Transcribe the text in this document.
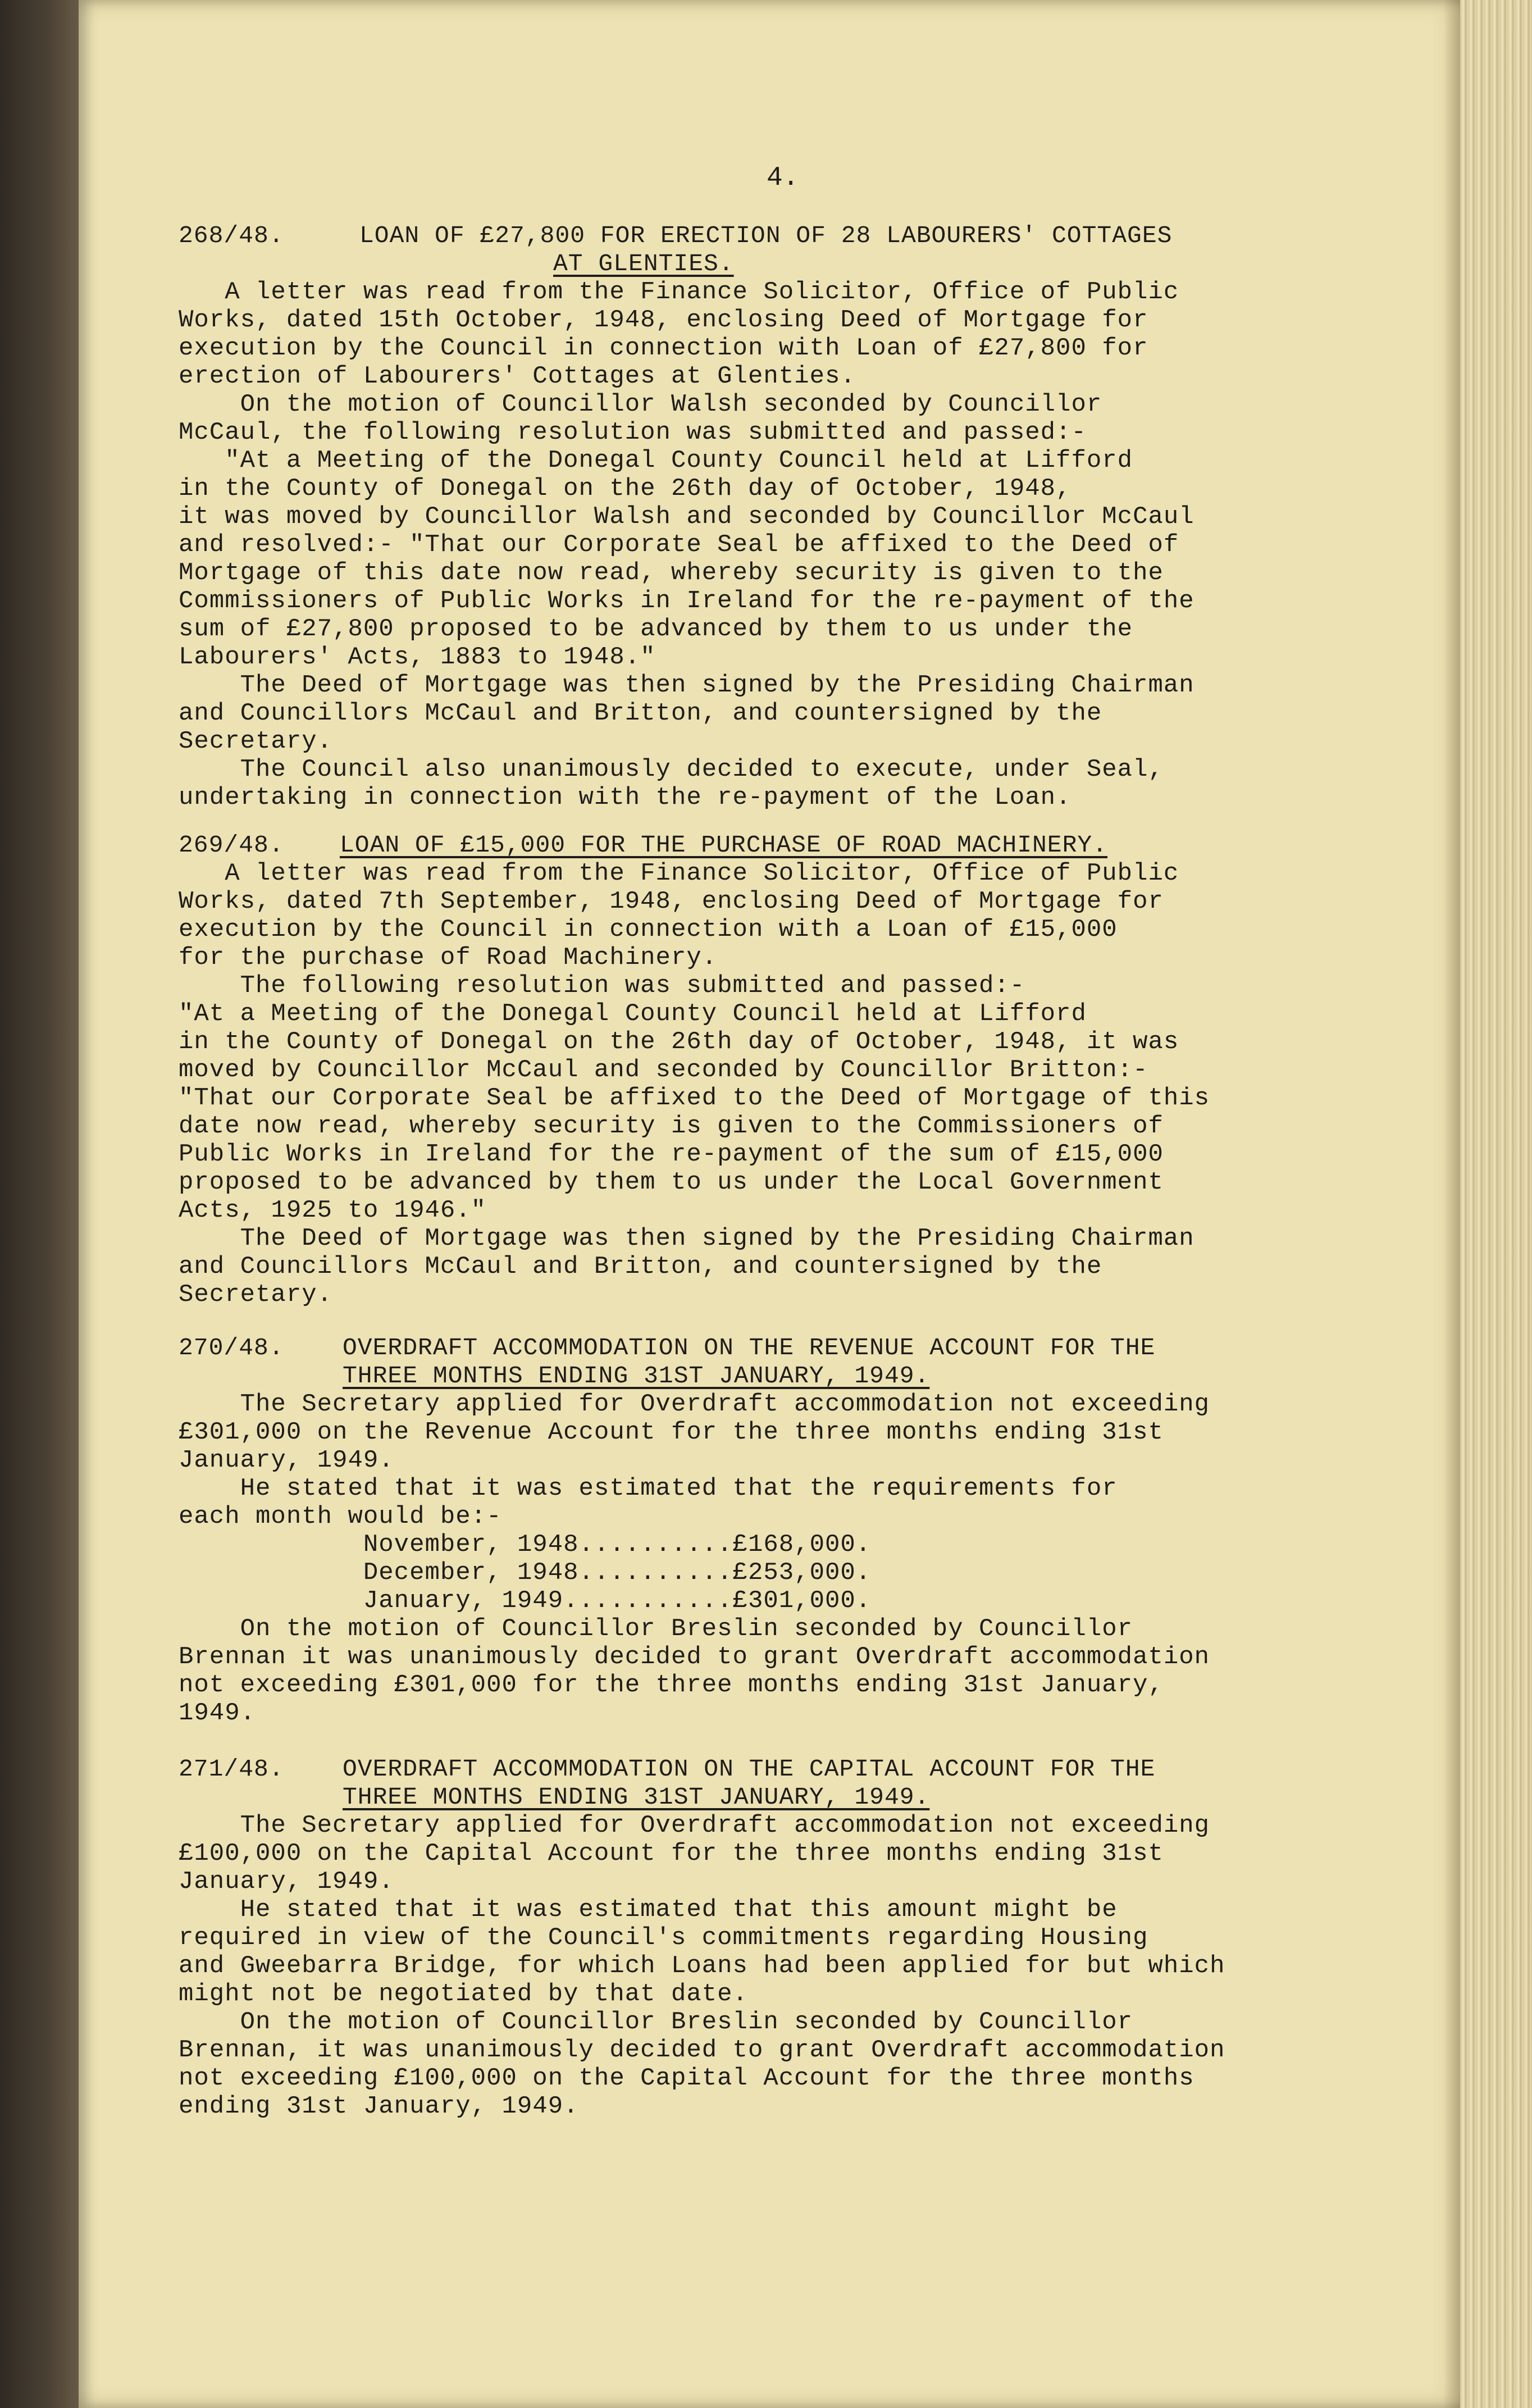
4.
268/48.	LOAN OF £27,800 FOR ERECTION OF 28 LABOURERS' COTTAGES
AT GLENTIES.
A letter was read from the Finance Solicitor, Office of Public
Works, dated 15th October, 1948, enclosing Deed of Mortgage for
execution by the Council in connection with Loan of £27,800 for
erection of Labourers' Cottages at Glenties.
On the motion of Councillor Walsh seconded by Councillor
McCaul, the following resolution was submitted and passed:-
"At a Meeting of the Donegal County Council held at Lifford
in the County of Donegal on the 26th day of October, 1948,
it was moved by Councillor Walsh and seconded by Councillor McCaul
and resolved:- "That our Corporate Seal be affixed to the Deed of
Mortgage of this date now read, whereby security is given to the
Commissioners of Public Works in Ireland for the re-payment of the
sum of £27,800 proposed to be advanced by them to us under the
Labourers' Acts, 1883 to 1948."
The Deed of Mortgage was then signed by the Presiding Chairman
and Councillors McCaul and Britton, and countersigned by the
Secretary.
The Council also unanimously decided to execute, under Seal,
undertaking in connection with the re-payment of the Loan.
269/48. LOAN OF £15,000 FOR THE PURCHASE OF ROAD MACHINERY.
A letter was read from the Finance Solicitor, Office of Public
Works, dated 7th September, 1948, enclosing Deed of Mortgage for
execution by the Council in connection with a Loan of £15,000
for the purchase of Road Machinery.
The following resolution was submitted and passed:-
"At a Meeting of the Donegal County Council held at Lifford
in the County of Donegal on the 26th day of October, 1948, it was
moved by Councillor McCaul and seconded by Councillor Britton:-
"That our Corporate Seal be affixed to the Deed of Mortgage of this
date now read, whereby security is given to the Commissioners of
Public Works in Ireland for the re-payment of the sum of £15,000
proposed to be advanced by them to us under the Local Government
Acts, 1925 to 1946."
The Deed of Mortgage was then signed by the Presiding Chairman
and Councillors McCaul and Britton, and countersigned by the
Secretary.
270/48. OVERDRAFT ACCOMMODATION ON THE REVENUE ACCOUNT FOR THE
THREE MONTHS ENDING 31ST JANUARY, 1949.
The Secretary applied for Overdraft accommodation not exceeding
£301,000 on the Revenue Account for the three months ending 31st
January, 1949.
He stated that it was estimated that the requirements for
each month would be:-
November, 1948..........£168,000.
December, 1948..........£253,000.
January, 1949...........£301,000.
On the motion of Councillor Breslin seconded by Councillor
Brennan it was unanimously decided to grant Overdraft accommodation
not exceeding £301,000 for the three months ending 31st January,
1949.
271/48. OVERDRAFT ACCOMMODATION ON THE CAPITAL ACCOUNT FOR THE
THREE MONTHS ENDING 31ST JANUARY, 1949.
The Secretary applied for Overdraft accommodation not exceeding
£100,000 on the Capital Account for the three months ending 31st
January, 1949.
He stated that it was estimated that this amount might be
required in view of the Council's commitments regarding Housing
and Gweebarra Bridge, for which Loans had been applied for but which
might not be negotiated by that date.
On the motion of Councillor Breslin seconded by Councillor
Brennan, it was unanimously decided to grant Overdraft accommodation
not exceeding £100,000 on the Capital Account for the three months
ending 31st January, 1949.
